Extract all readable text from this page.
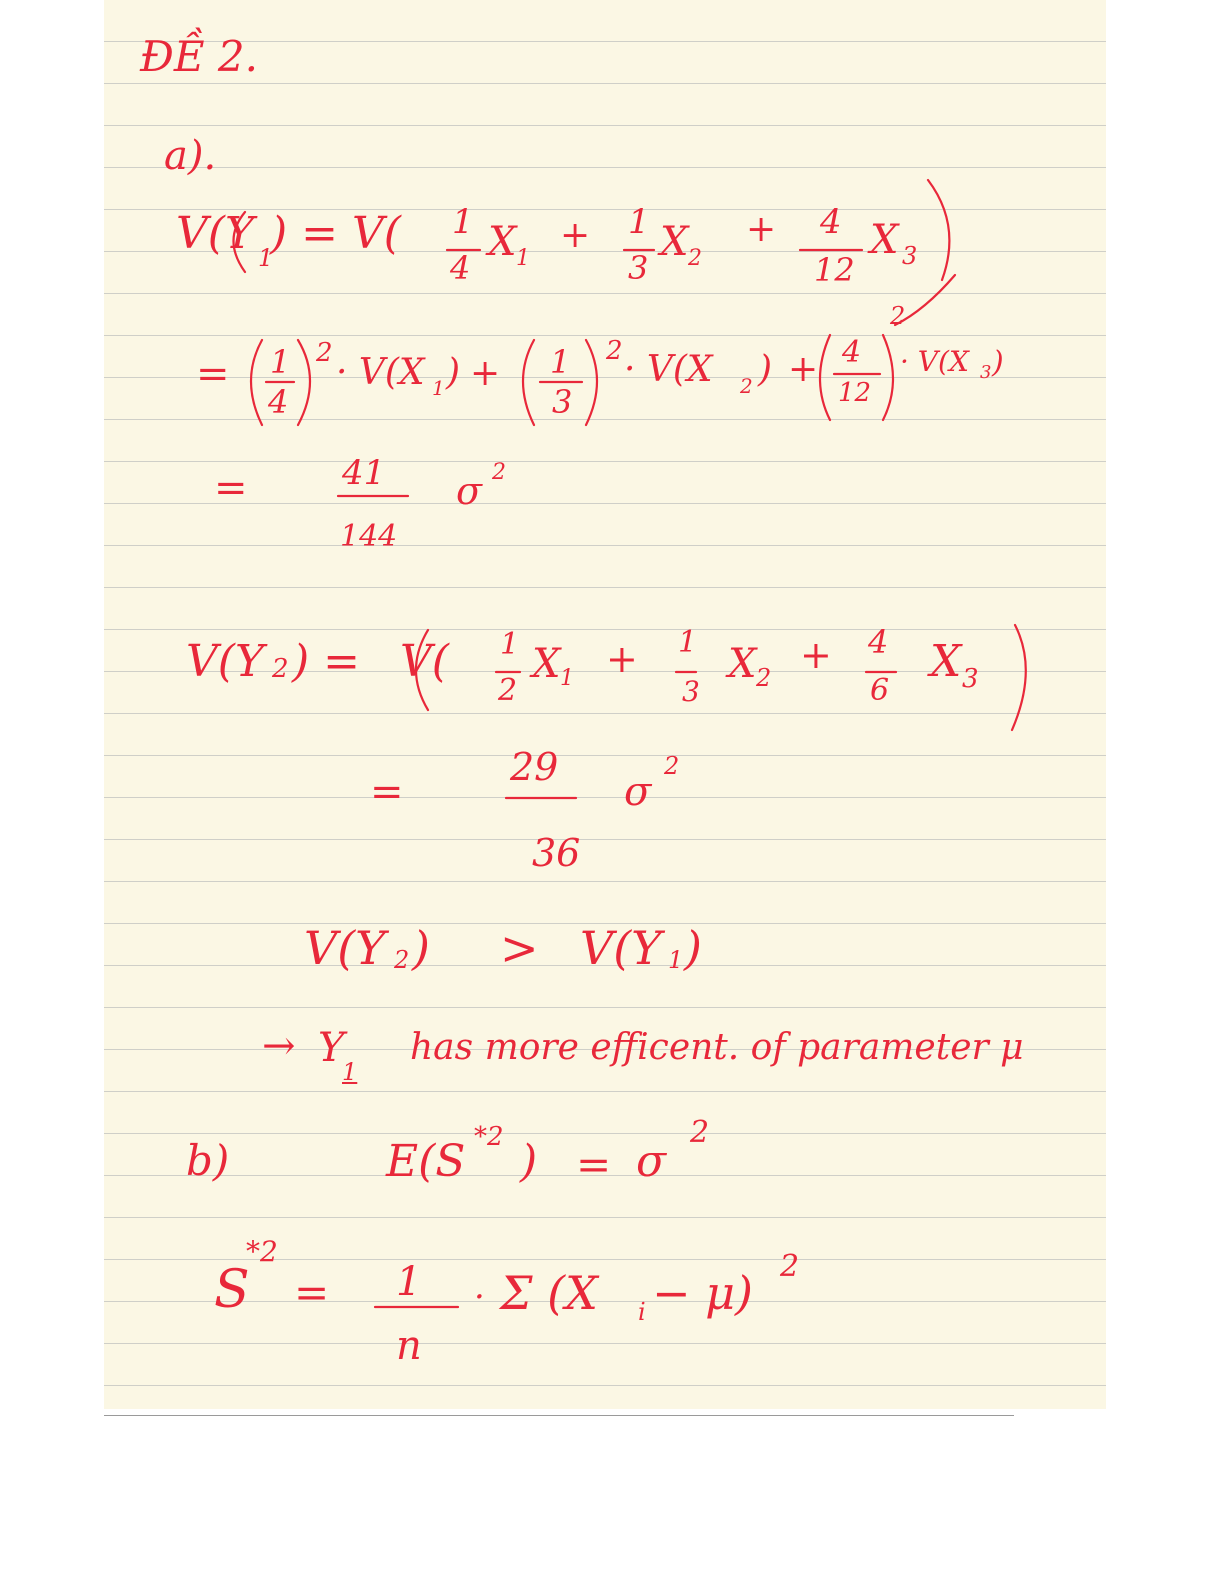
ĐỀ 2.
a).
V(Y 1
) = V( 1
4
X 1
+ 1
3
X 2
+ 4
12
X 3
= 1
4
2 · V(X 1 ) + 1
3
2 · V(X 2 ) + 4
12
2
· V(X 3 )
=	41
144
σ 2
V(Y 2 ) = V( 1
2
X 1 + 1
3
X 2
+ 4
6
X 3
=
29
36
σ
2
V(Y 2 ) > V(Y 1 )
→ Y
1
has more efficent. of parameter μ
b)	E(S *2 ) = σ
2
S
*2
= 1
n
· Σ (X i − μ) 2
